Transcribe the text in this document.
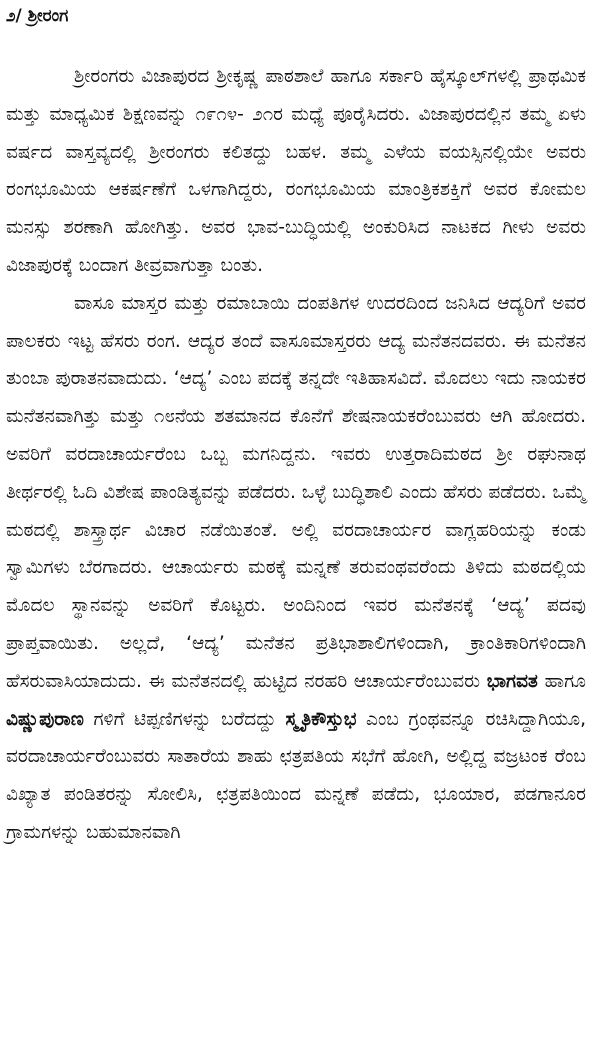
೨/ ಶ್ರೀರಂಗ

ಶ್ರೀರಂಗರು ವಿಜಾಪುರದ ಶ್ರೀಕೃಷ್ಣ ಪಾಠಶಾಲೆ ಹಾಗೂ ಸರ್ಕಾರಿ ಹೈಸ್ಕೂಲ್‌ಗಳಲ್ಲಿ ಪ್ರಾಥಮಿಕ ಮತ್ತು ಮಾಧ್ಯಮಿಕ ಶಿಕ್ಷಣವನ್ನು ೧೯೧೪- ೨೧ರ ಮಧ್ಯೆ ಪೂರೈಸಿದರು. ವಿಜಾಪುರದಲ್ಲಿನ ತಮ್ಮ ಏಳು ವರ್ಷದ ವಾಸ್ತವ್ಯದಲ್ಲಿ ಶ್ರೀರಂಗರು ಕಲಿತದ್ದು ಬಹಳ. ತಮ್ಮ ಎಳೆಯ ವಯಸ್ಸಿನಲ್ಲಿಯೇ ಅವರು ರಂಗಭೂಮಿಯ ಆಕರ್ಷಣೆಗೆ ಒಳಗಾಗಿದ್ದರು, ರಂಗಭೂಮಿಯ ಮಾಂತ್ರಿಕಶಕ್ತಿಗೆ ಅವರ ಕೋಮಲ ಮನಸ್ಸು ಶರಣಾಗಿ ಹೋಗಿತ್ತು. ಅವರ ಭಾವ-ಬುದ್ಧಿಯಲ್ಲಿ ಅಂಕುರಿಸಿದ ನಾಟಕದ ಗೀಳು ಅವರು ವಿಜಾಪುರಕ್ಕೆ ಬಂದಾಗ ತೀವ್ರವಾಗುತ್ತಾ ಬಂತು.

ವಾಸೂ ಮಾಸ್ತರ ಮತ್ತು ರಮಾಬಾಯಿ ದಂಪತಿಗಳ ಉದರದಿಂದ ಜನಿಸಿದ ಆದ್ಯರಿಗೆ ಅವರ ಪಾಲಕರು ಇಟ್ಟ ಹೆಸರು ರಂಗ. ಆದ್ಯರ ತಂದೆ ವಾಸೂಮಾಸ್ತರರು ಆದ್ಯ ಮನೆತನದವರು. ಈ ಮನೆತನ ತುಂಬಾ ಪುರಾತನವಾದುದು. ‘ಆದ್ಯ’ ಎಂಬ ಪದಕ್ಕೆ ತನ್ನದೇ ಇತಿಹಾಸವಿದೆ. ಮೊದಲು ಇದು ನಾಯಕರ ಮನೆತನವಾಗಿತ್ತು ಮತ್ತು ೧೮ನೆಯ ಶತಮಾನದ ಕೊನೆಗೆ ಶೇಷನಾಯಕರೆಂಬುವರು ಆಗಿ ಹೋದರು. ಅವರಿಗೆ ವರದಾಚಾರ್ಯರೆಂಬ ಒಬ್ಬ ಮಗನಿದ್ದನು. ಇವರು ಉತ್ತರಾದಿಮಠದ ಶ್ರೀ ರಘುನಾಥ ತೀರ್ಥರಲ್ಲಿ ಓದಿ ವಿಶೇಷ ಪಾಂಡಿತ್ಯವನ್ನು ಪಡೆದರು. ಒಳ್ಳೆ ಬುದ್ಧಿಶಾಲಿ ಎಂದು ಹೆಸರು ಪಡೆದರು. ಒಮ್ಮೆ ಮಠದಲ್ಲಿ ಶಾಸ್ತ್ರಾರ್ಥ ವಿಚಾರ ನಡೆಯಿತಂತೆ. ಅಲ್ಲಿ ವರದಾಚಾರ್ಯರ ವಾಗ್ಲಹರಿಯನ್ನು ಕಂಡು ಸ್ವಾಮಿಗಳು ಬೆರಗಾದರು. ಆಚಾರ್ಯರು ಮಠಕ್ಕೆ ಮನ್ನಣೆ ತರುವಂಥವರೆಂದು ತಿಳಿದು ಮಠದಲ್ಲಿಯ ಮೊದಲ ಸ್ಥಾನವನ್ನು ಅವರಿಗೆ ಕೊಟ್ಟರು. ಅಂದಿನಿಂದ ಇವರ ಮನೆತನಕ್ಕೆ ‘ಆದ್ಯ’ ಪದವು ಪ್ರಾಪ್ತವಾಯಿತು. ಅಲ್ಲದೆ, ‘ಆದ್ಯ’ ಮನೆತನ ಪ್ರತಿಭಾಶಾಲಿಗಳಿಂದಾಗಿ, ಕ್ರಾಂತಿಕಾರಿಗಳಿಂದಾಗಿ ಹೆಸರುವಾಸಿಯಾದುದು. ಈ ಮನೆತನದಲ್ಲಿ ಹುಟ್ಟಿದ ನರಹರಿ ಆಚಾರ್ಯರೆಂಬುವರು ಭಾಗವತ ಹಾಗೂ ವಿಷ್ಣುಪುರಾಣ ಗಳಿಗೆ ಟಿಪ್ಪಣಿಗಳನ್ನು ಬರೆದದ್ದು ಸ್ಮೃತಿಕೌಸ್ತುಭ ಎಂಬ ಗ್ರಂಥವನ್ನೂ ರಚಿಸಿದ್ದಾಗಿಯೂ, ವರದಾಚಾರ್ಯರೆಂಬುವರು ಸಾತಾರೆಯ ಶಾಹು ಛತ್ರಪತಿಯ ಸಭೆಗೆ ಹೋಗಿ, ಅಲ್ಲಿದ್ದ ವಜ್ರಟಂಕ ರೆಂಬ ವಿಖ್ಯಾತ ಪಂಡಿತರನ್ನು ಸೋಲಿಸಿ, ಛತ್ರಪತಿಯಿಂದ ಮನ್ನಣೆ ಪಡೆದು, ಭೂಯಾರ, ಪಡಗಾನೂರ ಗ್ರಾಮಗಳನ್ನು ಬಹುಮಾನವಾಗಿ
